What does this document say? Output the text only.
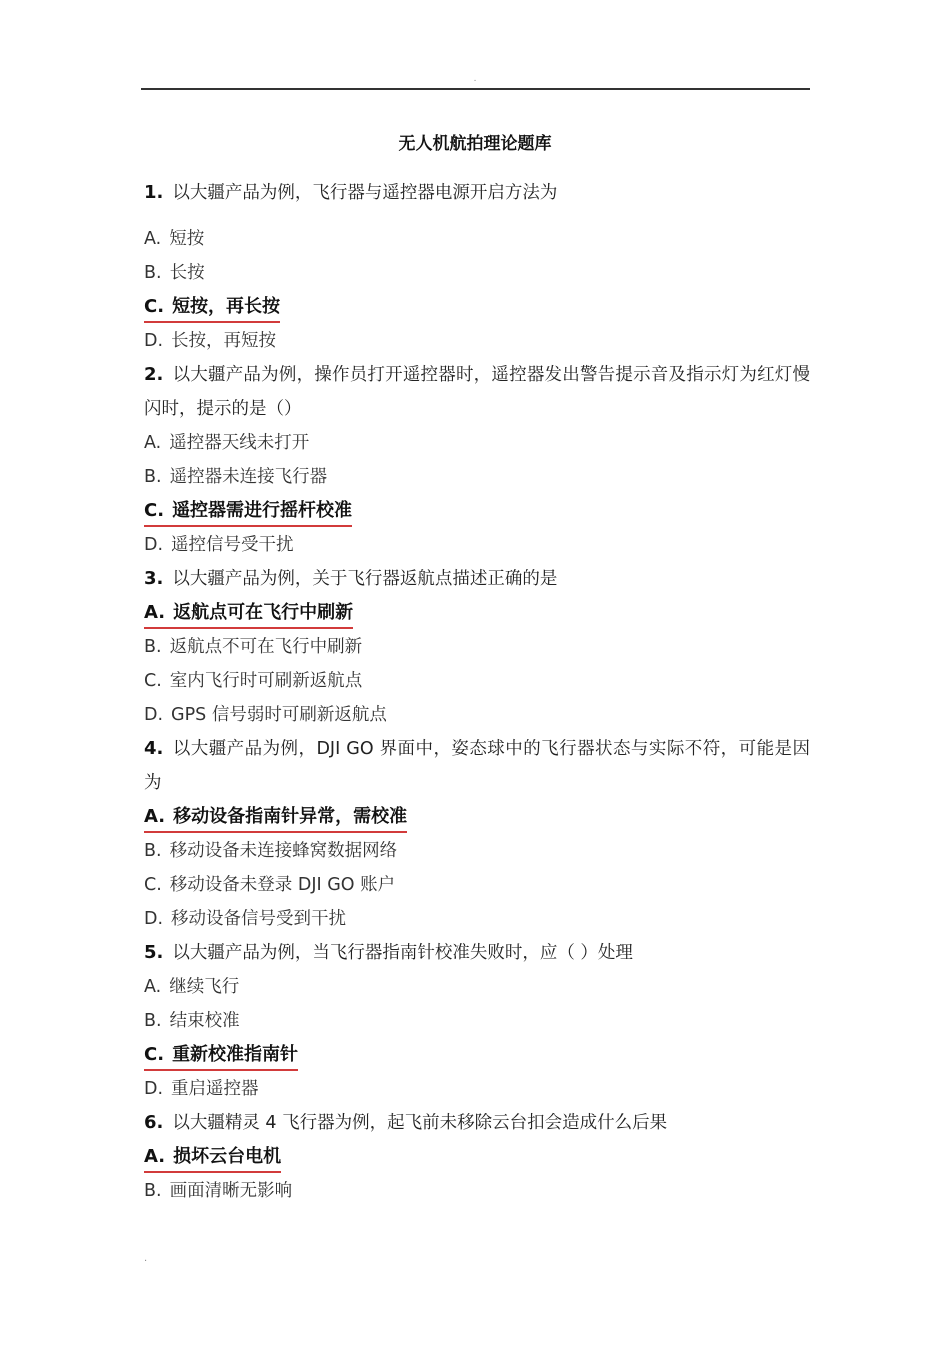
.
无人机航拍理论题库
1. 以大疆产品为例，飞行器与遥控器电源开启方法为
A. 短按
B. 长按
C. 短按，再长按
D. 长按，再短按
2. 以大疆产品为例，操作员打开遥控器时，遥控器发出警告提示音及指示灯为红灯慢闪时，提示的是（）
A. 遥控器天线未打开
B. 遥控器未连接飞行器
C. 遥控器需进行摇杆校准
D. 遥控信号受干扰
3. 以大疆产品为例，关于飞行器返航点描述正确的是
A. 返航点可在飞行中刷新
B. 返航点不可在飞行中刷新
C. 室内飞行时可刷新返航点
D. GPS 信号弱时可刷新返航点
4. 以大疆产品为例，DJI GO 界面中，姿态球中的飞行器状态与实际不符，可能是因为
A. 移动设备指南针异常，需校准
B. 移动设备未连接蜂窝数据网络
C. 移动设备未登录 DJI GO 账户
D. 移动设备信号受到干扰
5. 以大疆产品为例，当飞行器指南针校准失败时，应（ ）处理
A. 继续飞行
B. 结束校准
C. 重新校准指南针
D. 重启遥控器
6. 以大疆精灵 4 飞行器为例，起飞前未移除云台扣会造成什么后果
A. 损坏云台电机
B. 画面清晰无影响
.
